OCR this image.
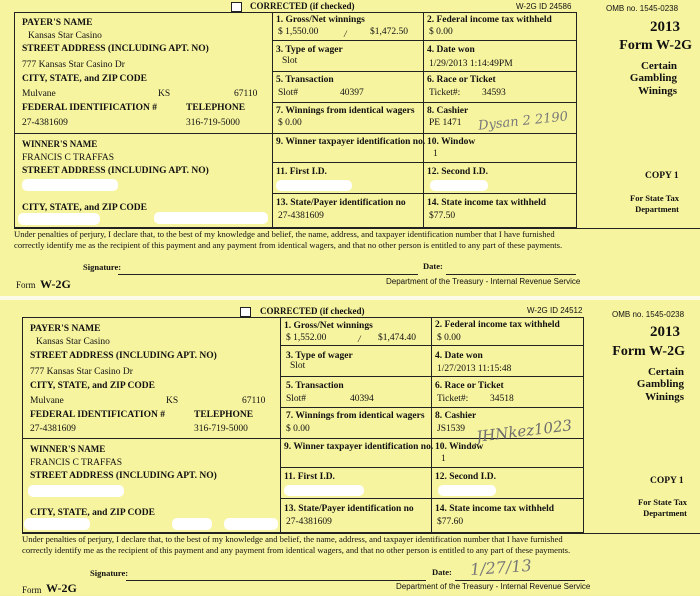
CORRECTED (if checked)	W-2G ID 24586	OMB no. 1545-0238
PAYER'S NAME
Kansas Star Casino
STREET ADDRESS (INCLUDING APT. NO)
777 Kansas Star Casino Dr
CITY, STATE, and ZIP CODE
Mulvane	KS	67110
FEDERAL IDENTIFICATION #	TELEPHONE
27-4381609	316-719-5000
WINNER'S NAME
FRANCIS C TRAFFAS
STREET ADDRESS (INCLUDING APT. NO)
CITY, STATE, and ZIP CODE
1. Gross/Net winnings
$ 1,550.00	/ $1,472.50
3. Type of wager
Slot
5. Transaction
Slot#	40397
7. Winnings from identical wagers
$ 0.00
9. Winner taxpayer identification no.
11. First I.D.
13. State/Payer identification no
27-4381609
2. Federal income tax withheld
$ 0.00
4. Date won
1/29/2013 1:14:49PM
6. Race or Ticket
Ticket#: 34593
8. Cashier
PE 1471 Dysan 2 2190
10. Window
1
12. Second I.D.
14. State income tax withheld
$77.50
2013
Form W-2G
Certain
Gambling
Winings
COPY 1
For State Tax
Department
Under penalties of perjury, I declare that, to the best of my knowledge and belief, the name, address, and taxpayer identification number that I have furnished correctly identify me as the recipient of this payment and any payment from identical wagers, and that no other person is entitled to any part of these payments.
Signature:	Date:
Form W-2G	Department of the Treasury - Internal Revenue Service
CORRECTED (if checked)	W-2G ID 24512	OMB no. 1545-0238
PAYER'S NAME
Kansas Star Casino
STREET ADDRESS (INCLUDING APT. NO)
777 Kansas Star Casino Dr
CITY, STATE, and ZIP CODE
Mulvane	KS	67110
FEDERAL IDENTIFICATION #	TELEPHONE
27-4381609	316-719-5000
WINNER'S NAME
FRANCIS C TRAFFAS
STREET ADDRESS (INCLUDING APT. NO)
CITY, STATE, and ZIP CODE
1. Gross/Net winnings
$ 1,552.00	/ $1,474.40
3. Type of wager
Slot
5. Transaction
Slot#	40394
7. Winnings from identical wagers
$ 0.00
9. Winner taxpayer identification no.
11. First I.D.
13. State/Payer identification no
27-4381609
2. Federal income tax withheld
$ 0.00
4. Date won
1/27/2013 11:15:48
6. Race or Ticket
Ticket#: 34518
8. Cashier
JS1539 JHNkez1023
10. Window
1
12. Second I.D.
14. State income tax withheld
$77.60
2013
Form W-2G
Certain
Gambling
Winings
COPY 1
For State Tax
Department
Under penalties of perjury, I declare that, to the best of my knowledge and belief, the name, address, and taxpayer identification number that I have furnished correctly identify me as the recipient of this payment and any payment from identical wagers, and that no other person is entitled to any part of these payments.
Signature:	Date: 1/27/13
Form W-2G	Department of the Treasury - Internal Revenue Service
